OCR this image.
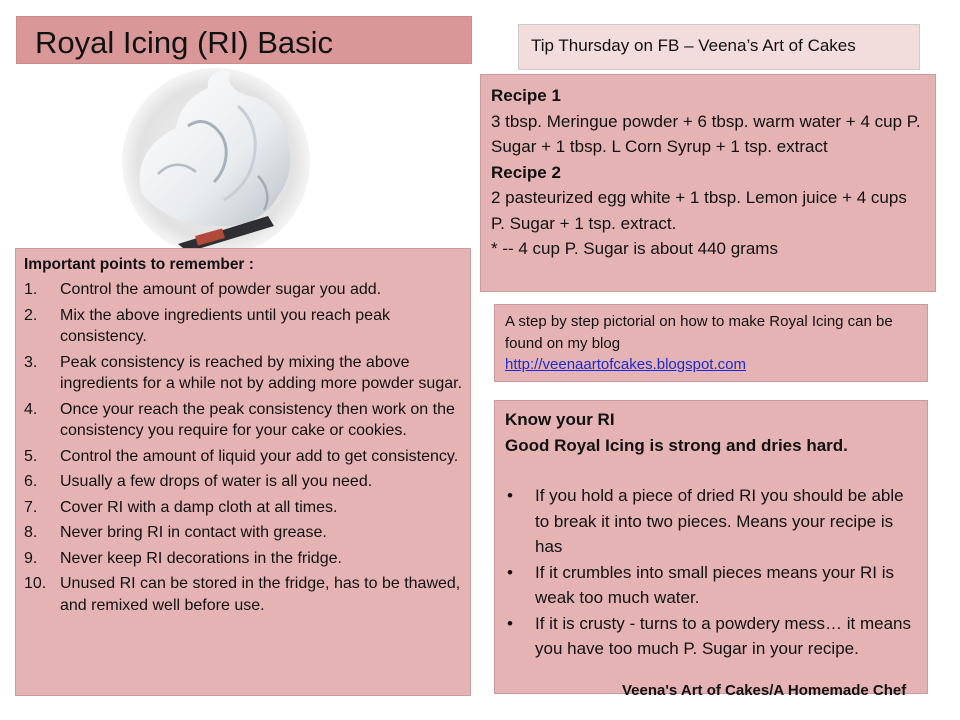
Royal Icing (RI) Basic	Tip Thursday on FB – Veena’s Art of Cakes
Recipe 1
3 tbsp. Meringue powder + 6 tbsp. warm water + 4 cup P. Sugar + 1 tbsp. L Corn Syrup + 1 tsp. extract
Recipe 2
2 pasteurized egg white + 1 tbsp. Lemon juice + 4 cups P. Sugar + 1 tsp. extract.
* -- 4 cup P. Sugar is about 440 grams
Important points to remember :
1. Control the amount of powder sugar you add.
2. Mix the above ingredients until you reach peak consistency.
3. Peak consistency is reached by mixing the above ingredients for a while not by adding more powder sugar.
4. Once your reach the peak consistency then work on the consistency you require for your cake or cookies.
5. Control the amount of liquid your add to get consistency.
6. Usually a few drops of water is all you need.
7. Cover RI with a damp cloth at all times.
8. Never bring RI in contact with grease.
9. Never keep RI decorations in the fridge.
10. Unused RI can be stored in the fridge, has to be thawed, and remixed well before use.
A step by step pictorial on how to make Royal Icing can be found on my blog
http://veenaartofcakes.blogspot.com
Know your RI
Good Royal Icing is strong and dries hard.
• If you hold a piece of dried RI you should be able to break it into two pieces. Means your recipe is has
• If it crumbles into small pieces means your RI is weak too much water.
• If it is crusty - turns to a powdery mess… it means you have too much P. Sugar in your recipe.
Veena's Art of Cakes/A Homemade Chef
